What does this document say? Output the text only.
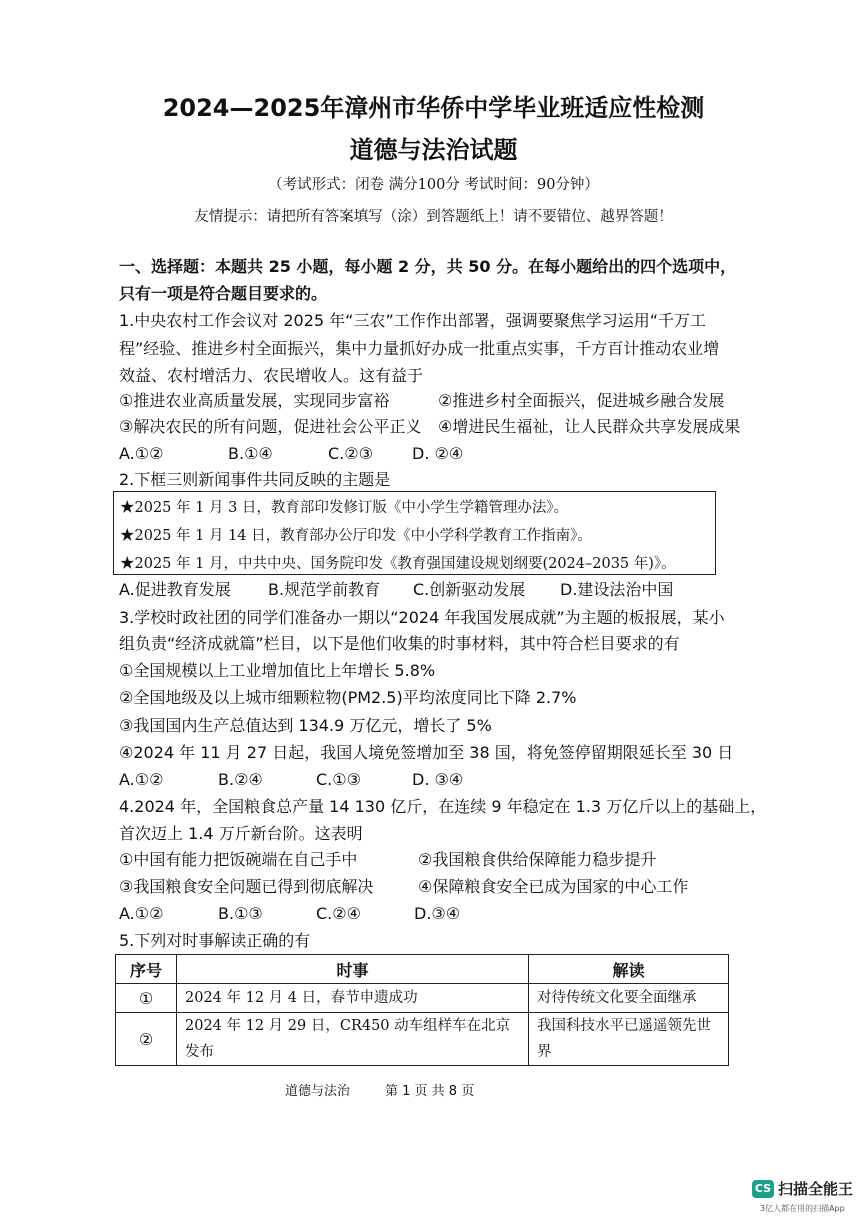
2024—2025年漳州市华侨中学毕业班适应性检测
道德与法治试题
（考试形式：闭卷 满分100分 考试时间：90分钟）
友情提示：请把所有答案填写（涂）到答题纸上！请不要错位、越界答题！
一、选择题：本题共 25 小题，每小题 2 分，共 50 分。在每小题给出的四个选项中，
只有一项是符合题目要求的。
1.中央农村工作会议对 2025 年“三农”工作作出部署，强调要聚焦学习运用“千万工
程”经验、推进乡村全面振兴，集中力量抓好办成一批重点实事，千方百计推动农业增
效益、农村增活力、农民增收人。这有益于
①推进农业高质量发展，实现同步富裕	②推进乡村全面振兴，促进城乡融合发展
③解决农民的所有问题，促进社会公平正义 ④增进民生福祉，让人民群众共享发展成果
A.①②	B.①④	C.②③ D. ②④
2.下框三则新闻事件共同反映的主题是
★2025 年 1 月 3 日，教育部印发修订版《中小学生学籍管理办法》。
★2025 年 1 月 14 日，教育部办公厅印发《中小学科学教育工作指南》。
★2025 年 1 月，中共中央、国务院印发《教育强国建设规划纲要(2024–2035 年)》。
A.促进教育发展 B.规范学前教育 C.创新驱动发展 D.建设法治中国
3.学校时政社团的同学们准备办一期以“2024 年我国发展成就”为主题的板报展，某小
组负责“经济成就篇”栏目，以下是他们收集的时事材料，其中符合栏目要求的有
①全国规模以上工业增加值比上年增长 5.8%
②全国地级及以上城市细颗粒物(PM2.5)平均浓度同比下降 2.7%
③我国国内生产总值达到 134.9 万亿元，增长了 5%
④2024 年 11 月 27 日起，我国人境免签增加至 38 国，将免签停留期限延长至 30 日
A.①②	B.②④	C.①③	D. ③④
4.2024 年，全国粮食总产量 14 130 亿斤，在连续 9 年稳定在 1.3 万亿斤以上的基础上，
首次迈上 1.4 万斤新台阶。这表明
①中国有能力把饭碗端在自己手中	②我国粮食供给保障能力稳步提升
③我国粮食安全问题已得到彻底解决	④保障粮食安全已成为国家的中心工作
A.①②	B.①③	C.②④	D.③④
5.下列对时事解读正确的有
序号	时事	解读
①	2024 年 12 月 4 日，春节申遗成功	对待传统文化要全面继承
②	2024 年 12 月 29 日，CR450 动车组样车在北京发布	我国科技水平已遥遥领先世界
道德与法治	第 1 页 共 8 页
CS 扫描全能王
3亿人都在用的扫描App
